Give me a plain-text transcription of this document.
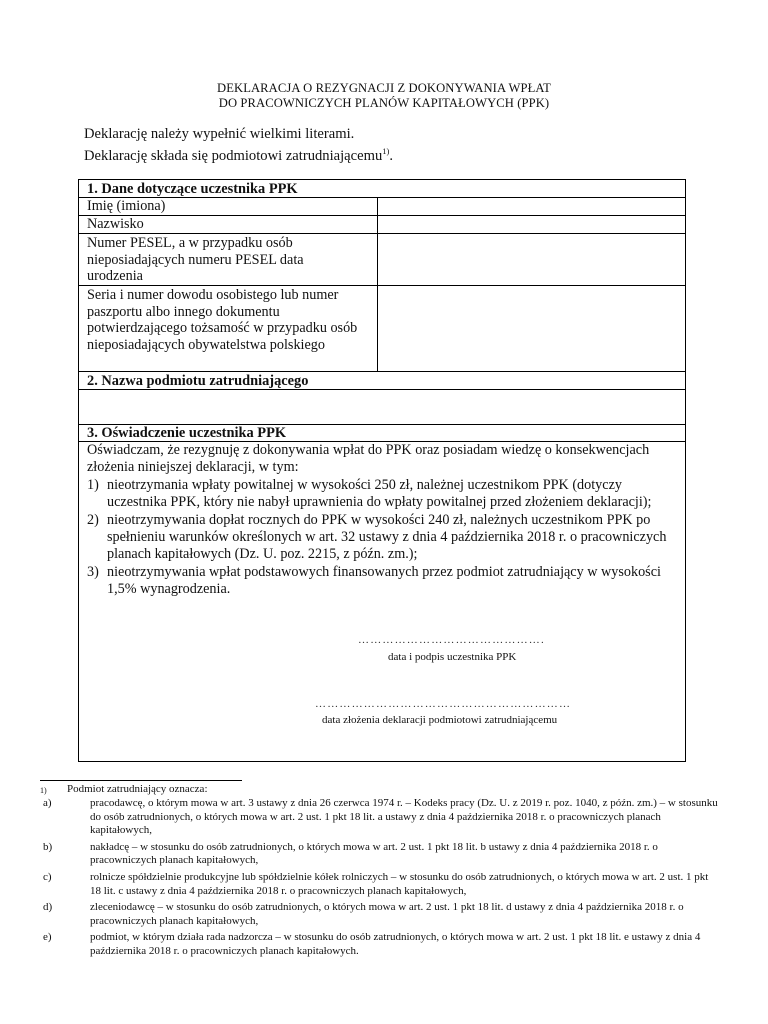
DEKLARACJA O REZYGNACJI Z DOKONYWANIA WPŁAT
DO PRACOWNICZYCH PLANÓW KAPITAŁOWYCH (PPK)
Deklarację należy wypełnić wielkimi literami.
Deklarację składa się podmiotowi zatrudniającemu$^{1)}$.
1. Dane dotyczące uczestnika PPK
Imię (imiona)
Nazwisko
Numer PESEL, a w przypadku osób nieposiadających numeru PESEL data urodzenia
Seria i numer dowodu osobistego lub numer paszportu albo innego dokumentu potwierdzającego tożsamość w przypadku osób nieposiadających obywatelstwa polskiego
2. Nazwa podmiotu zatrudniającego
3. Oświadczenie uczestnika PPK

Oświadczam, że rezygnuję z dokonywania wpłat do PPK oraz posiadam wiedzę o konsekwencjach złożenia niniejszej deklaracji, w tym:

1) nieotrzymania wpłaty powitalnej w wysokości 250 zł, należnej uczestnikom PPK (dotyczy uczestnika PPK, który nie nabył uprawnienia do wpłaty powitalnej przed złożeniem deklaracji);
2) nieotrzymywania dopłat rocznych do PPK w wysokości 240 zł, należnych uczestnikom PPK po spełnieniu warunków określonych w art. 32 ustawy z dnia 4 października 2018 r. o pracowniczych planach kapitałowych (Dz. U. poz. 2215, z późn. zm.);
3) nieotrzymywania wpłat podstawowych finansowanych przez podmiot zatrudniający w wysokości 1,5% wynagrodzenia.
……………………………………….
data i podpis uczestnika PPK
………………………………………………………
data złożenia deklaracji podmiotowi zatrudniającemu
1) Podmiot zatrudniający oznacza:
a)	pracodawcę, o którym mowa w art. 3 ustawy z dnia 26 czerwca 1974 r. – Kodeks pracy (Dz. U. z 2019 r. poz. 1040, z późn. zm.) – w stosunku do osób zatrudnionych, o których mowa w art. 2 ust. 1 pkt 18 lit. a ustawy z dnia 4 października 2018 r. o pracowniczych planach kapitałowych,
b)	nakładcę – w stosunku do osób zatrudnionych, o których mowa w art. 2 ust. 1 pkt 18 lit. b ustawy z dnia 4 października 2018 r. o pracowniczych planach kapitałowych,
c)	rolnicze spółdzielnie produkcyjne lub spółdzielnie kółek rolniczych – w stosunku do osób zatrudnionych, o których mowa w art. 2 ust. 1 pkt 18 lit. c ustawy z dnia 4 października 2018 r. o pracowniczych planach kapitałowych,
d)	zleceniodawcę – w stosunku do osób zatrudnionych, o których mowa w art. 2 ust. 1 pkt 18 lit. d ustawy z dnia 4 października 2018 r. o pracowniczych planach kapitałowych,
e)	podmiot, w którym działa rada nadzorcza – w stosunku do osób zatrudnionych, o których mowa w art. 2 ust. 1 pkt 18 lit. e ustawy z dnia 4 października 2018 r. o pracowniczych planach kapitałowych.
